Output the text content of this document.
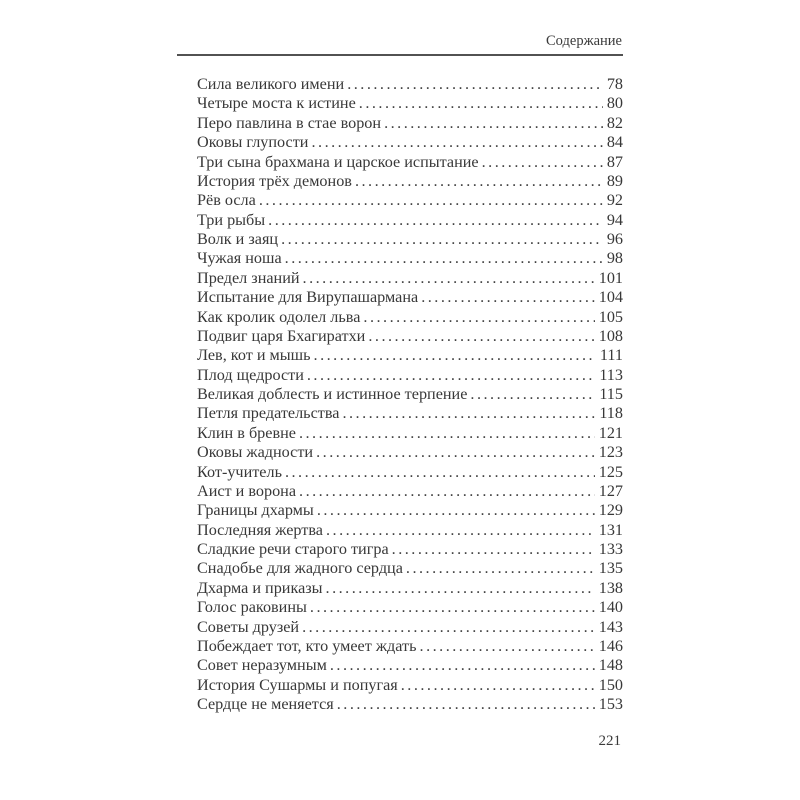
Содержание
Сила великого имени .....	78
Четыре моста к истине .....	80
Перо павлина в стае ворон .....	82
Оковы глупости .....	84
Три сына брахмана и царское испытание .....	87
История трёх демонов .....	89
Рёв осла .....	92
Три рыбы .....	94
Волк и заяц .....	96
Чужая ноша .....	98
Предел знаний .....	101
Испытание для Вирупашармана .....	104
Как кролик одолел льва .....	105
Подвиг царя Бхагиратхи .....	108
Лев, кот и мышь .....	111
Плод щедрости .....	113
Великая доблесть и истинное терпение .....	115
Петля предательства .....	118
Клин в бревне .....	121
Оковы жадности .....	123
Кот-учитель .....	125
Аист и ворона .....	127
Границы дхармы .....	129
Последняя жертва .....	131
Сладкие речи старого тигра .....	133
Снадобье для жадного сердца .....	135
Дхарма и приказы .....	138
Голос раковины .....	140
Советы друзей .....	143
Побеждает тот, кто умеет ждать .....	146
Совет неразумным .....	148
История Сушармы и попугая .....	150
Сердце не меняется .....	153
221
